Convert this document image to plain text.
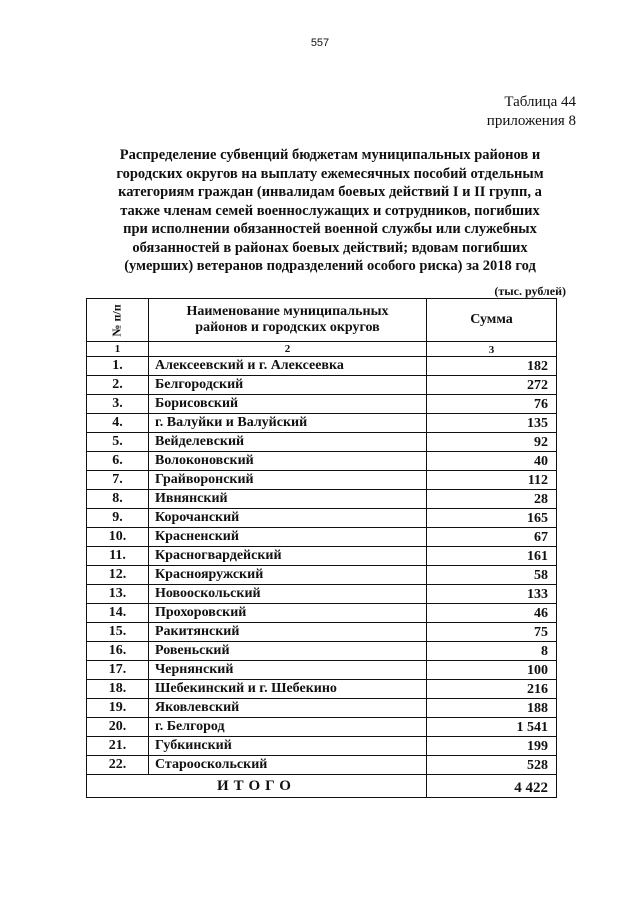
557
Таблица 44
приложения 8
Распределение субвенций бюджетам муниципальных районов и
городских округов на выплату ежемесячных пособий отдельным
категориям граждан (инвалидам боевых действий I и II групп, а
также членам семей военнослужащих и сотрудников, погибших
при исполнении обязанностей военной службы или служебных
обязанностей в районах боевых действий; вдовам погибших
(умерших) ветеранов подразделений особого риска) за 2018 год
(тыс. рублей)
№ п/п	Наименование муниципальных
районов и городских округов	Сумма
1	2	3
1.	Алексеевский и г. Алексеевка	182
2.	Белгородский	272
3.	Борисовский	76
4.	г. Валуйки и Валуйский	135
5.	Вейделевский	92
6.	Волоконовский	40
7.	Грайворонский	112
8.	Ивнянский	28
9.	Корочанский	165
10.	Красненский	67
11.	Красногвардейский	161
12.	Краснояружский	58
13.	Новооскольский	133
14.	Прохоровский	46
15.	Ракитянский	75
16.	Ровеньский	8
17.	Чернянский	100
18.	Шебекинский и г. Шебекино	216
19.	Яковлевский	188
20.	г. Белгород	1 541
21.	Губкинский	199
22.	Старооскольский	528
ИТОГО		4 422
